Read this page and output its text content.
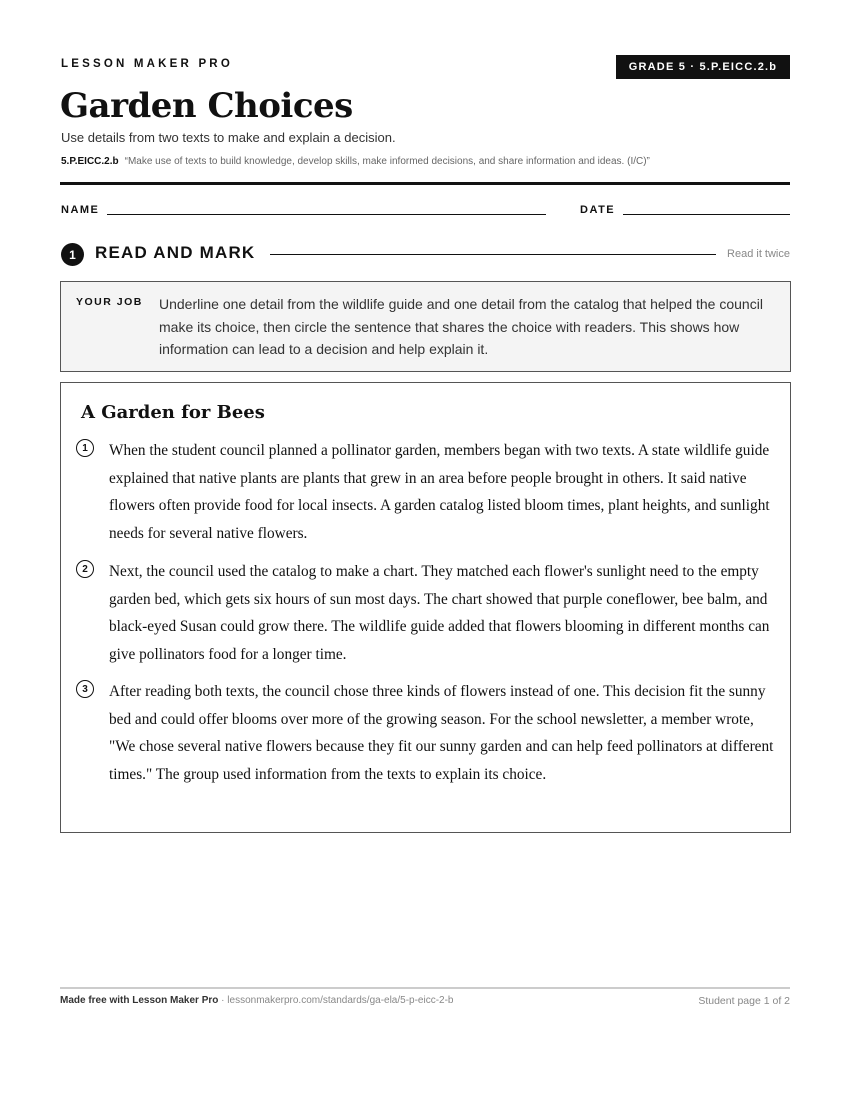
LESSON MAKER PRO	GRADE 5 · 5.P.EICC.2.b
Garden Choices
Use details from two texts to make and explain a decision.
5.P.EICC.2.b “Make use of texts to build knowledge, develop skills, make informed decisions, and share information and ideas. (I/C)”
NAME	DATE
1	READ AND MARK	Read it twice
YOUR JOB Underline one detail from the wildlife guide and one detail from the catalog that helped the council make its choice, then circle the sentence that shares the choice with readers. This shows how information can lead to a decision and help explain it.
A Garden for Bees
1	When the student council planned a pollinator garden, members began with two texts. A state wildlife guide explained that native plants are plants that grew in an area before people brought in others. It said native flowers often provide food for local insects. A garden catalog listed bloom times, plant heights, and sunlight needs for several native flowers.
2	Next, the council used the catalog to make a chart. They matched each flower's sunlight need to the empty garden bed, which gets six hours of sun most days. The chart showed that purple coneflower, bee balm, and black-eyed Susan could grow there. The wildlife guide added that flowers blooming in different months can give pollinators food for a longer time.
3	After reading both texts, the council chose three kinds of flowers instead of one. This decision fit the sunny bed and could offer blooms over more of the growing season. For the school newsletter, a member wrote, "We chose several native flowers because they fit our sunny garden and can help feed pollinators at different times." The group used information from the texts to explain its choice.
Made free with Lesson Maker Pro · lessonmakerpro.com/standards/ga-ela/5-p-eicc-2-b	Student page 1 of 2
